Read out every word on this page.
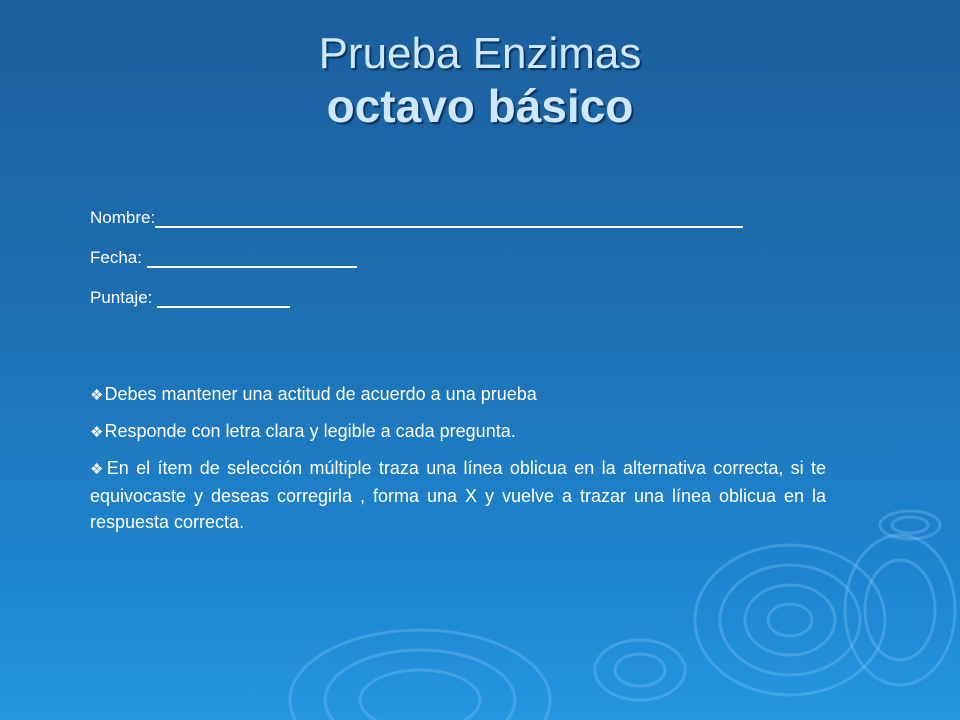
Prueba Enzimas
octavo básico
Nombre:
Fecha:
Puntaje:
❖Debes mantener una actitud de acuerdo a una prueba
❖Responde con letra clara y legible a cada pregunta.
❖En el ítem de selección múltiple traza una línea oblicua en la alternativa correcta, si te equivocaste y deseas corregirla , forma una X y vuelve a trazar una línea oblicua en la respuesta correcta.
